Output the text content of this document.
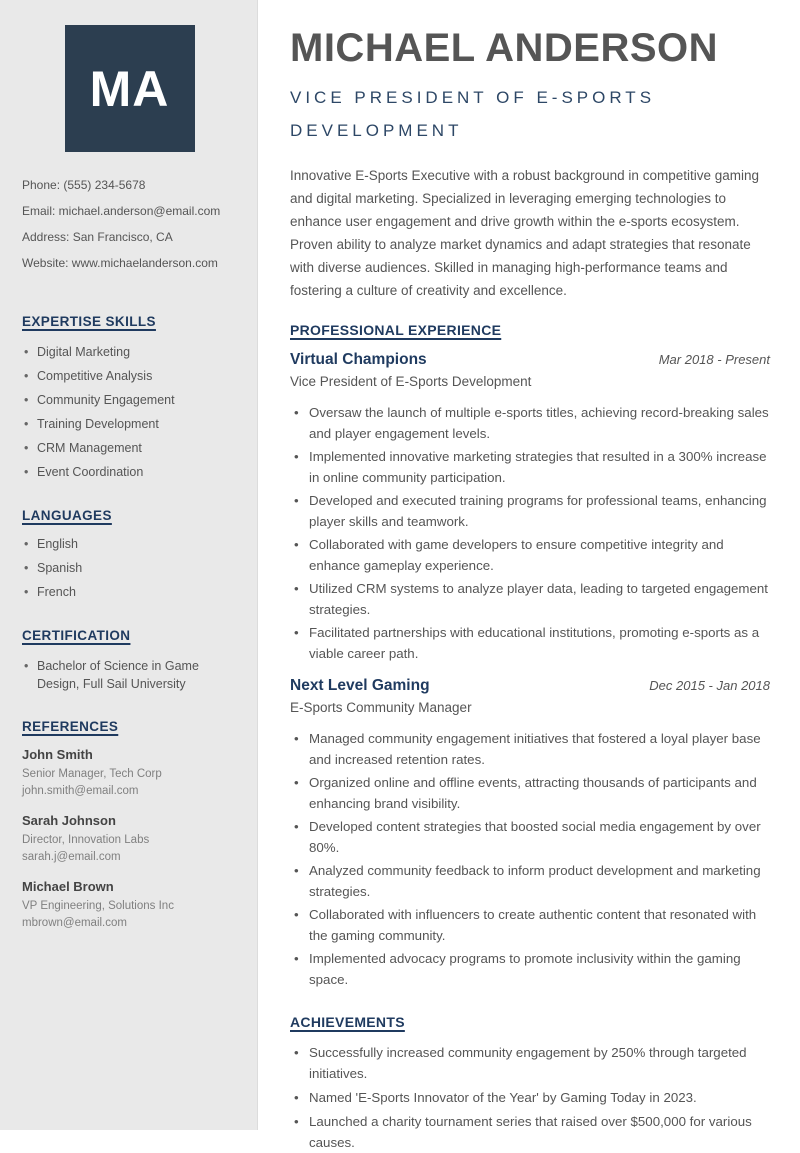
MA
Phone: (555) 234-5678
Email: michael.anderson@email.com
Address: San Francisco, CA
Website: www.michaelanderson.com
EXPERTISE SKILLS
• Digital Marketing
• Competitive Analysis
• Community Engagement
• Training Development
• CRM Management
• Event Coordination
LANGUAGES
• English
• Spanish
• French
CERTIFICATION
• Bachelor of Science in Game Design, Full Sail University
REFERENCES
John Smith
Senior Manager, Tech Corp
john.smith@email.com
Sarah Johnson
Director, Innovation Labs
sarah.j@email.com
Michael Brown
VP Engineering, Solutions Inc
mbrown@email.com
MICHAEL ANDERSON
VICE PRESIDENT OF E-SPORTS DEVELOPMENT

Innovative E-Sports Executive with a robust background in competitive gaming and digital marketing. Specialized in leveraging emerging technologies to enhance user engagement and drive growth within the e-sports ecosystem. Proven ability to analyze market dynamics and adapt strategies that resonate with diverse audiences. Skilled in managing high-performance teams and fostering a culture of creativity and excellence.

PROFESSIONAL EXPERIENCE
Virtual Champions	Mar 2018 - Present
Vice President of E-Sports Development
• Oversaw the launch of multiple e-sports titles, achieving record-breaking sales and player engagement levels.
• Implemented innovative marketing strategies that resulted in a 300% increase in online community participation.
• Developed and executed training programs for professional teams, enhancing player skills and teamwork.
• Collaborated with game developers to ensure competitive integrity and enhance gameplay experience.
• Utilized CRM systems to analyze player data, leading to targeted engagement strategies.
• Facilitated partnerships with educational institutions, promoting e-sports as a viable career path.
Next Level Gaming	Dec 2015 - Jan 2018
E-Sports Community Manager
• Managed community engagement initiatives that fostered a loyal player base and increased retention rates.
• Organized online and offline events, attracting thousands of participants and enhancing brand visibility.
• Developed content strategies that boosted social media engagement by over 80%.
• Analyzed community feedback to inform product development and marketing strategies.
• Collaborated with influencers to create authentic content that resonated with the gaming community.
• Implemented advocacy programs to promote inclusivity within the gaming space.
ACHIEVEMENTS
• Successfully increased community engagement by 250% through targeted initiatives.
• Named 'E-Sports Innovator of the Year' by Gaming Today in 2023.
• Launched a charity tournament series that raised over $500,000 for various causes.
